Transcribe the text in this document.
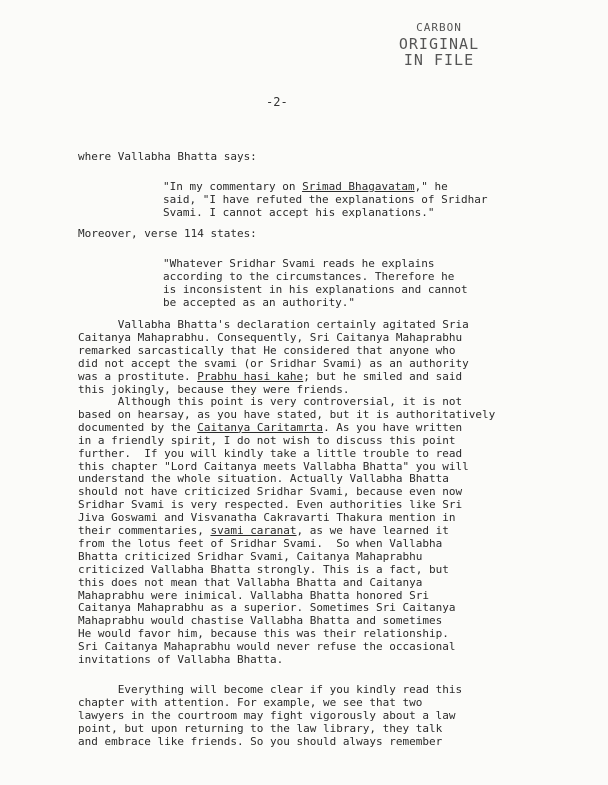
CARBON
ORIGINAL
IN FILE
-2-
where Vallabha Bhatta says:
"In my commentary on Srimad Bhagavatam," he
said, "I have refuted the explanations of Sridhar
Svami. I cannot accept his explanations."
Moreover, verse 114 states:
"Whatever Sridhar Svami reads he explains
according to the circumstances. Therefore he
is inconsistent in his explanations and cannot
be accepted as an authority."
Vallabha Bhatta's declaration certainly agitated Sria
Caitanya Mahaprabhu. Consequently, Sri Caitanya Mahaprabhu
remarked sarcastically that He considered that anyone who
did not accept the svami (or Sridhar Svami) as an authority
was a prostitute. Prabhu hasi kahe; but he smiled and said
this jokingly, because they were friends.
Although this point is very controversial, it is not
based on hearsay, as you have stated, but it is authoritatively
documented by the Caitanya Caritamrta. As you have written
in a friendly spirit, I do not wish to discuss this point
further.  If you will kindly take a little trouble to read
this chapter "Lord Caitanya meets Vallabha Bhatta" you will
understand the whole situation. Actually Vallabha Bhatta
should not have criticized Sridhar Svami, because even now
Sridhar Svami is very respected. Even authorities like Sri
Jiva Goswami and Visvanatha Cakravarti Thakura mention in
their commentaries, svami caranat, as we have learned it
from the lotus feet of Sridhar Svami.  So when Vallabha
Bhatta criticized Sridhar Svami, Caitanya Mahaprabhu
criticized Vallabha Bhatta strongly. This is a fact, but
this does not mean that Vallabha Bhatta and Caitanya
Mahaprabhu were inimical. Vallabha Bhatta honored Sri
Caitanya Mahaprabhu as a superior. Sometimes Sri Caitanya
Mahaprabhu would chastise Vallabha Bhatta and sometimes
He would favor him, because this was their relationship.
Sri Caitanya Mahaprabhu would never refuse the occasional
invitations of Vallabha Bhatta.
Everything will become clear if you kindly read this
chapter with attention. For example, we see that two
lawyers in the courtroom may fight vigorously about a law
point, but upon returning to the law library, they talk
and embrace like friends. So you should always remember
